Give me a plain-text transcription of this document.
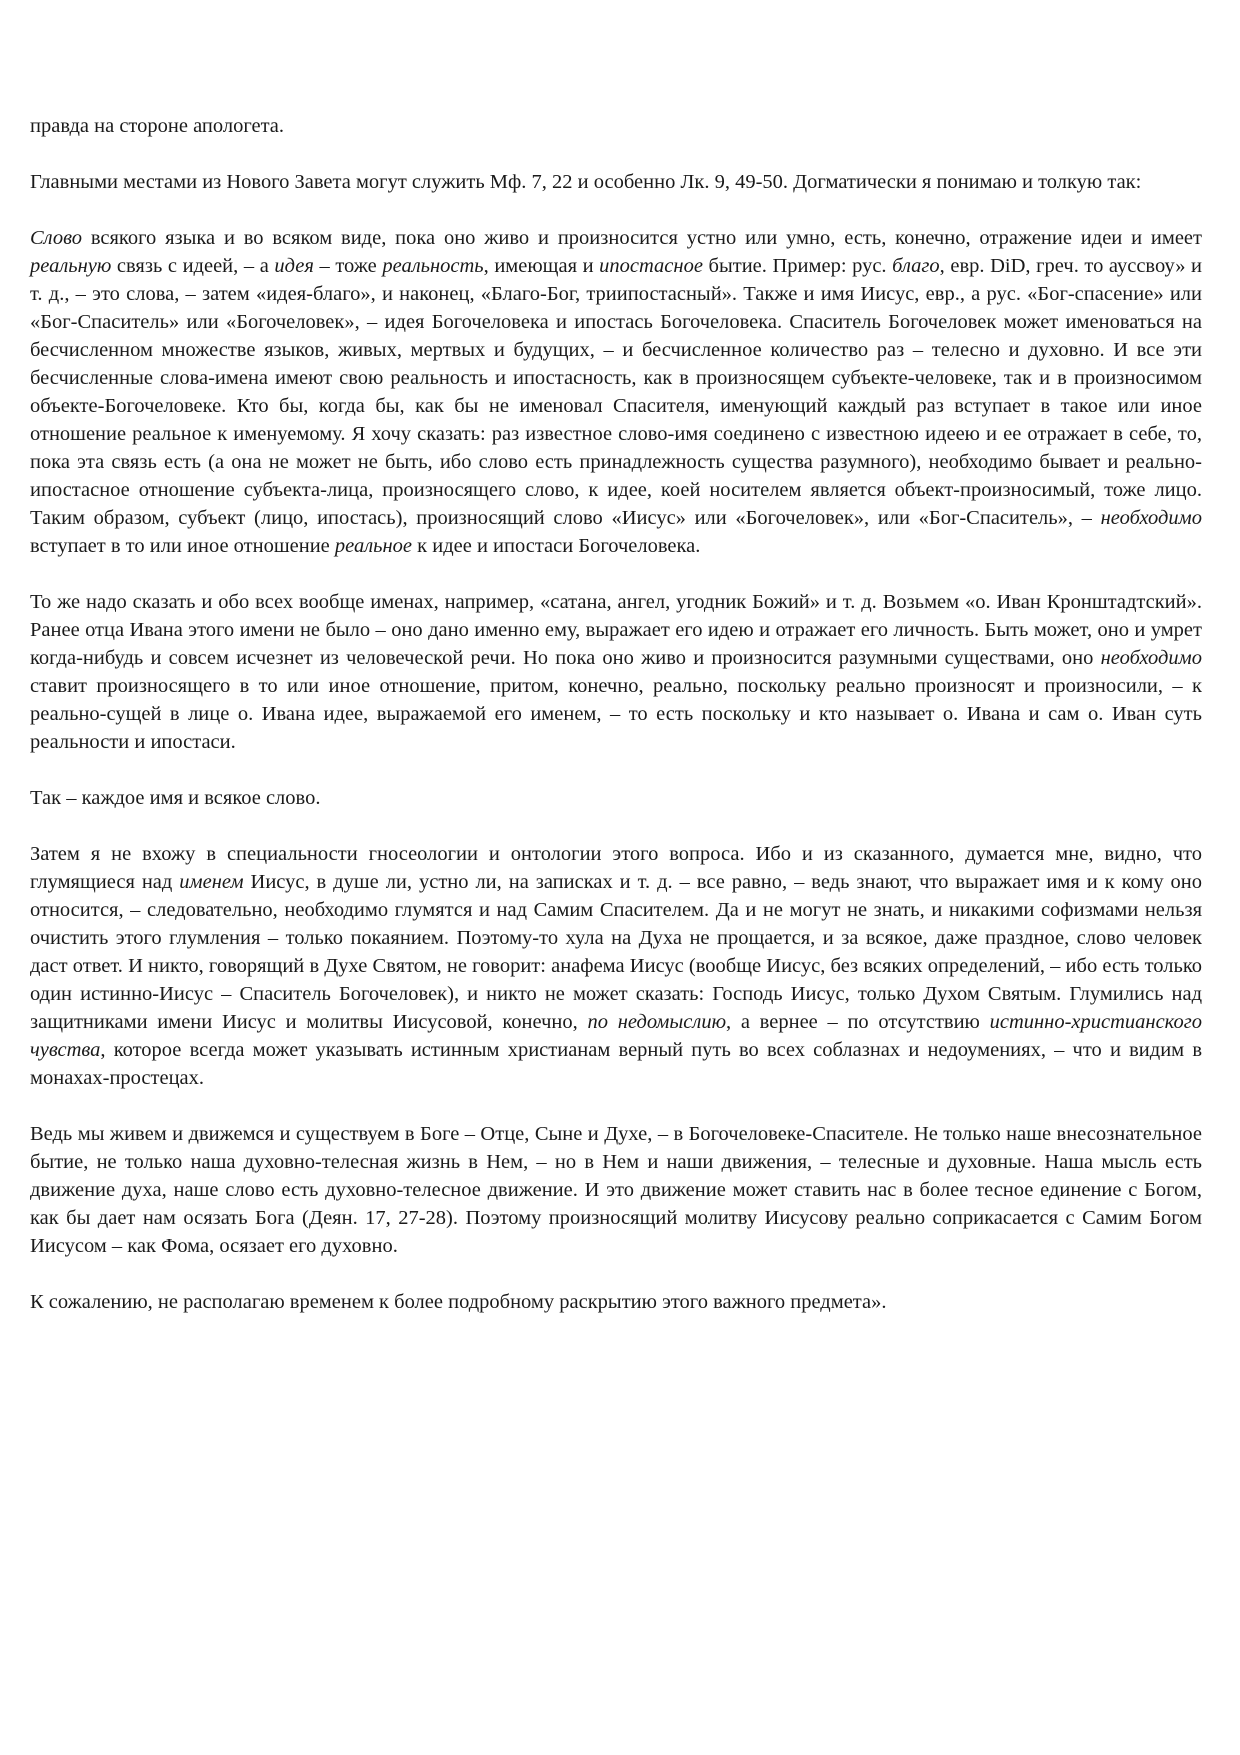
правда на стороне апологета.

Главными местами из Нового Завета могут служить Мф. 7, 22 и особенно Лк. 9, 49-50. Догматически я понимаю и толкую так:

Слово всякого языка и во всяком виде, пока оно живо и произносится устно или умно, есть, конечно, отражение идеи и имеет реальную связь с идеей, – а идея – тоже реальность, имеющая и ипостасное бытие. Пример: рус. благо, евр. DiD, греч. то аусcвоу» и т. д., – это слова, – затем «идея-благо», и наконец, «Благо-Бог, триипостасный». Также и имя Иисус, евр., а рус. «Бог-спасение» или «Бог-Спаситель» или «Богочеловек», – идея Богочеловека и ипостась Богочеловека. Спаситель Богочеловек может именоваться на бесчисленном множестве языков, живых, мертвых и будущих, – и бесчисленное количество раз – телесно и духовно. И все эти бесчисленные слова-имена имеют свою реальность и ипостасность, как в произносящем субъекте-человеке, так и в произносимом объекте-Богочеловеке. Кто бы, когда бы, как бы не именовал Спасителя, именующий каждый раз вступает в такое или иное отношение реальное к именуемому. Я хочу сказать: раз известное слово-имя соединено с известною идеею и ее отражает в себе, то, пока эта связь есть (а она не может не быть, ибо слово есть принадлежность существа разумного), необходимо бывает и реально-ипостасное отношение субъекта-лица, произносящего слово, к идее, коей носителем является объект-произносимый, тоже лицо. Таким образом, субъект (лицо, ипостась), произносящий слово «Иисус» или «Богочеловек», или «Бог-Спаситель», – необходимо вступает в то или иное отношение реальное к идее и ипостаси Богочеловека.

То же надо сказать и обо всех вообще именах, например, «сатана, ангел, угодник Божий» и т. д. Возьмем «о. Иван Кронштадтский». Ранее отца Ивана этого имени не было – оно дано именно ему, выражает его идею и отражает его личность. Быть может, оно и умрет когда-нибудь и совсем исчезнет из человеческой речи. Но пока оно живо и произносится разумными существами, оно необходимо ставит произносящего в то или иное отношение, притом, конечно, реально, поскольку реально произносят и произносили, – к реально-сущей в лице о. Ивана идее, выражаемой его именем, – то есть поскольку и кто называет о. Ивана и сам о. Иван суть реальности и ипостаси.

Так – каждое имя и всякое слово.

Затем я не вхожу в специальности гносеологии и онтологии этого вопроса. Ибо и из сказанного, думается мне, видно, что глумящиеся над именем Иисус, в душе ли, устно ли, на записках и т. д. – все равно, – ведь знают, что выражает имя и к кому оно относится, – следовательно, необходимо глумятся и над Самим Спасителем. Да и не могут не знать, и никакими софизмами нельзя очистить этого глумления – только покаянием. Поэтому-то хула на Духа не прощается, и за всякое, даже праздное, слово человек даст ответ. И никто, говорящий в Духе Святом, не говорит: анафема Иисус (вообще Иисус, без всяких определений, – ибо есть только один истинно-Иисус – Спаситель Богочеловек), и никто не может сказать: Господь Иисус, только Духом Святым. Глумились над защитниками имени Иисус и молитвы Иисусовой, конечно, по недомыслию, а вернее – по отсутствию истинно-христианского чувства, которое всегда может указывать истинным христианам верный путь во всех соблазнах и недоумениях, – что и видим в монахах-простецах.

Ведь мы живем и движемся и существуем в Боге – Отце, Сыне и Духе, – в Богочеловеке-Спасителе. Не только наше внесознательное бытие, не только наша духовно-телесная жизнь в Нем, – но в Нем и наши движения, – телесные и духовные. Наша мысль есть движение духа, наше слово есть духовно-телесное движение. И это движение может ставить нас в более тесное единение с Богом, как бы дает нам осязать Бога (Деян. 17, 27-28). Поэтому произносящий молитву Иисусову реально соприкасается с Самим Богом Иисусом – как Фома, осязает его духовно.

К сожалению, не располагаю временем к более подробному раскрытию этого важного предмета».
